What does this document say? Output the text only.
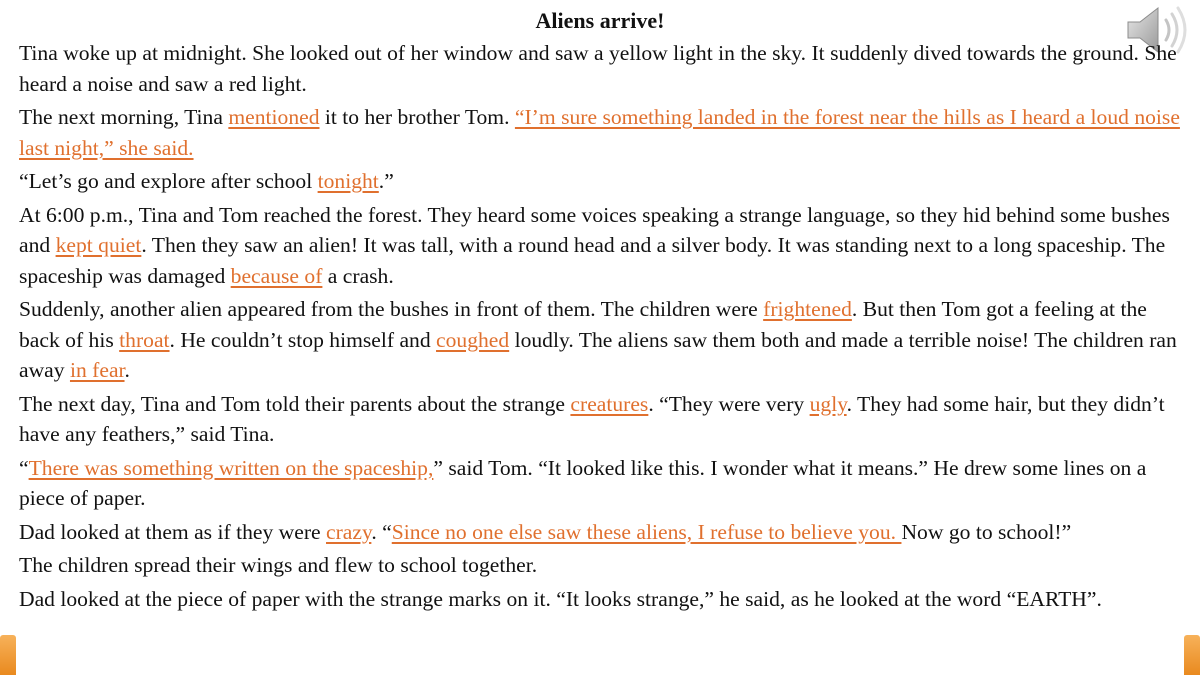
Aliens arrive!
Tina woke up at midnight. She looked out of her window and saw a yellow light in the sky. It suddenly dived towards the ground. She heard a noise and saw a red light.
The next morning, Tina mentioned it to her brother Tom. “I’m sure something landed in the forest near the hills as I heard a loud noise last night,” she said.
“Let’s go and explore after school tonight.”
At 6:00 p.m., Tina and Tom reached the forest. They heard some voices speaking a strange language, so they hid behind some bushes and kept quiet. Then they saw an alien! It was tall, with a round head and a silver body. It was standing next to a long spaceship. The spaceship was damaged because of a crash.
Suddenly, another alien appeared from the bushes in front of them. The children were frightened. But then Tom got a feeling at the back of his throat. He couldn’t stop himself and coughed loudly. The aliens saw them both and made a terrible noise! The children ran away in fear.
The next day, Tina and Tom told their parents about the strange creatures. “They were very ugly. They had some hair, but they didn’t have any feathers,” said Tina.
“There was something written on the spaceship,” said Tom. “It looked like this. I wonder what it means.” He drew some lines on a piece of paper.
Dad looked at them as if they were crazy. “Since no one else saw these aliens, I refuse to believe you. Now go to school!”
The children spread their wings and flew to school together.
Dad looked at the piece of paper with the strange marks on it. “It looks strange,” he said, as he looked at the word “EARTH”.
